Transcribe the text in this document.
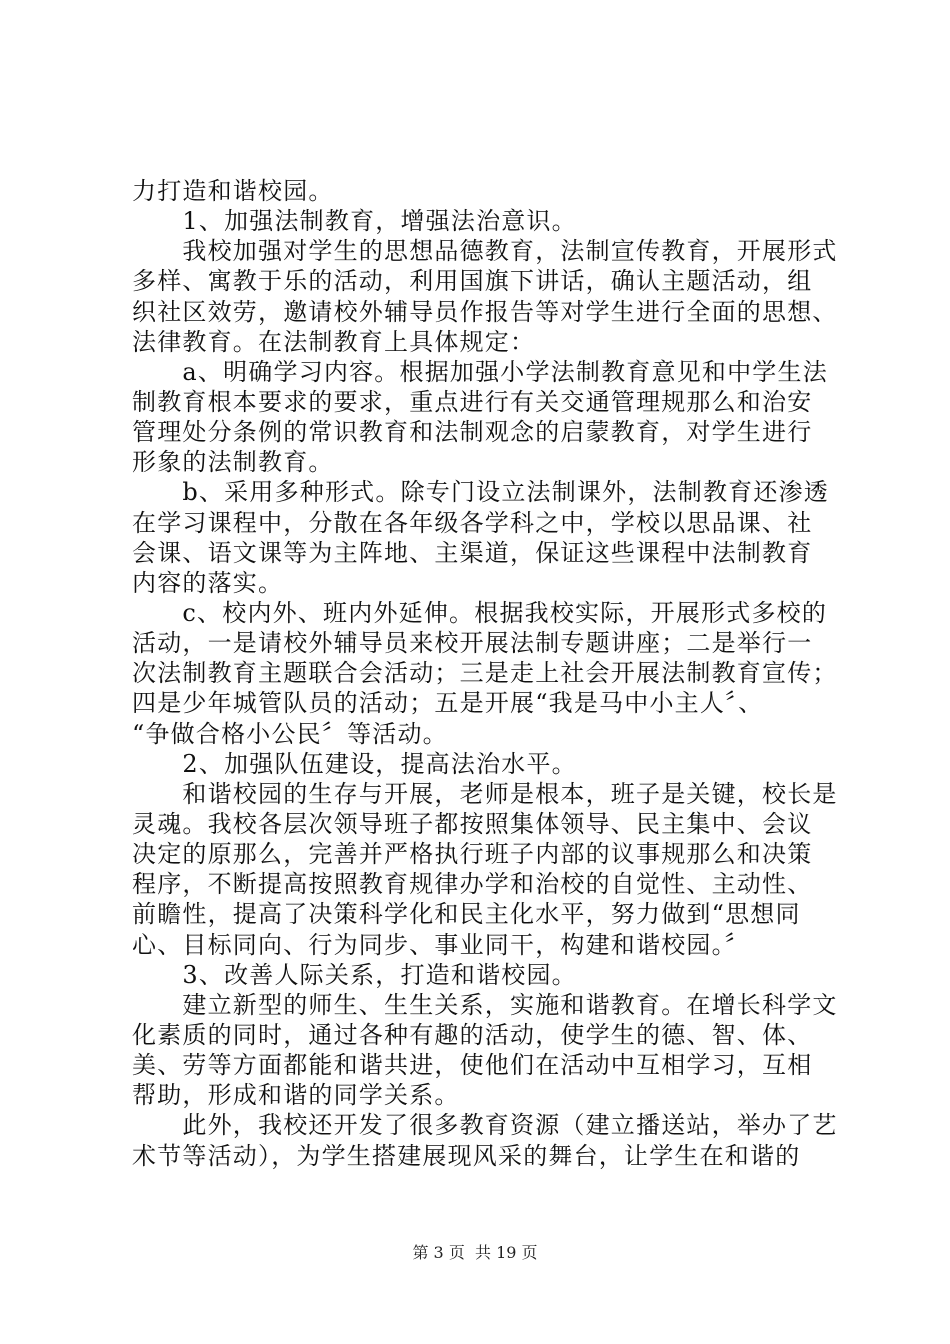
力打造和谐校园。
　　1、加强法制教育，增强法治意识。
　　我校加强对学生的思想品德教育，法制宣传教育，开展形式
多样、寓教于乐的活动，利用国旗下讲话，确认主题活动，组
织社区效劳，邀请校外辅导员作报告等对学生进行全面的思想、
法律教育。在法制教育上具体规定：
　　a、明确学习内容。根据加强小学法制教育意见和中学生法
制教育根本要求的要求，重点进行有关交通管理规那么和治安
管理处分条例的常识教育和法制观念的启蒙教育，对学生进行
形象的法制教育。
　　b、采用多种形式。除专门设立法制课外，法制教育还渗透
在学习课程中，分散在各年级各学科之中，学校以思品课、社
会课、语文课等为主阵地、主渠道，保证这些课程中法制教育
内容的落实。
　　c、校内外、班内外延伸。根据我校实际，开展形式多校的
活动，一是请校外辅导员来校开展法制专题讲座；二是举行一
次法制教育主题联合会活动；三是走上社会开展法制教育宣传；
四是少年城管队员的活动；五是开展“我是马中小主人〞、
“争做合格小公民〞等活动。
　　2、加强队伍建设，提高法治水平。
　　和谐校园的生存与开展，老师是根本，班子是关键，校长是
灵魂。我校各层次领导班子都按照集体领导、民主集中、会议
决定的原那么，完善并严格执行班子内部的议事规那么和决策
程序，不断提高按照教育规律办学和治校的自觉性、主动性、
前瞻性，提高了决策科学化和民主化水平，努力做到“思想同
心、目标同向、行为同步、事业同干，构建和谐校园。〞
　　3、改善人际关系，打造和谐校园。
　　建立新型的师生、生生关系，实施和谐教育。在增长科学文
化素质的同时，通过各种有趣的活动，使学生的德、智、体、
美、劳等方面都能和谐共进，使他们在活动中互相学习，互相
帮助，形成和谐的同学关系。
　　此外，我校还开发了很多教育资源（建立播送站，举办了艺
术节等活动），为学生搭建展现风采的舞台，让学生在和谐的
第 3 页  共 19 页
